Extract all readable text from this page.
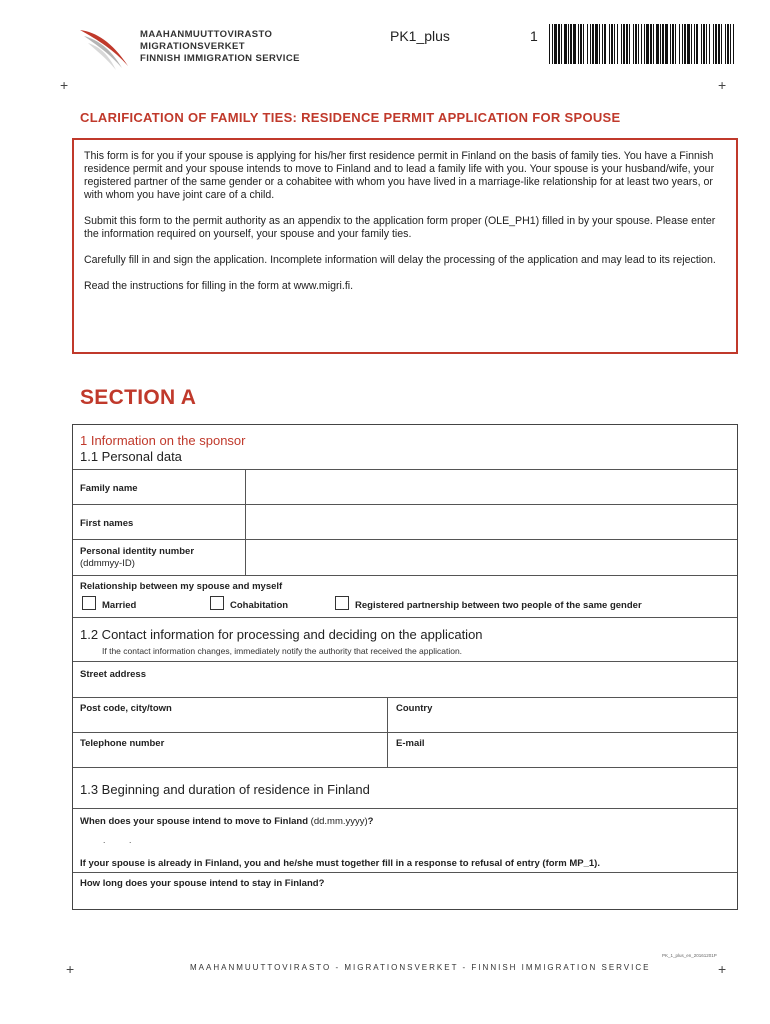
MAAHANMUUTTOVIRASTO
MIGRATIONSVERKET
FINNISH IMMIGRATION SERVICE
PK1_plus	1
+	+
CLARIFICATION OF FAMILY TIES: RESIDENCE PERMIT APPLICATION FOR SPOUSE

This form is for you if your spouse is applying for his/her first residence permit in Finland on the basis of family ties. You have a Finnish residence permit and your spouse intends to move to Finland and to lead a family life with you. Your spouse is your husband/wife, your registered partner of the same gender or a cohabitee with whom you have lived in a marriage-like relationship for at least two years, or with whom you have joint care of a child.

Submit this form to the permit authority as an appendix to the application form proper (OLE_PH1) filled in by your spouse. Please enter the information required on yourself, your spouse and your family ties.

Carefully fill in and sign the application. Incomplete information will delay the processing of the application and may lead to its rejection.

Read the instructions for filling in the form at www.migri.fi.

SECTION A
1 Information on the sponsor
1.1 Personal data
Family name
First names
Personal identity number
(ddmmyy-ID)
Relationship between my spouse and myself
Married	Cohabitation	Registered partnership between two people of the same gender
1.2 Contact information for processing and deciding on the application
If the contact information changes, immediately notify the authority that received the application.
Street address
Post code, city/town	Country
Telephone number	E-mail
1.3 Beginning and duration of residence in Finland
When does your spouse intend to move to Finland (dd.mm.yyyy)?
.          .
If your spouse is already in Finland, you and he/she must together fill in a response to refusal of entry (form MP_1).
How long does your spouse intend to stay in Finland?
PK_1_plus_en_20161201P
+	MAAHANMUUTTOVIRASTO - MIGRATIONSVERKET - FINNISH IMMIGRATION SERVICE	+
